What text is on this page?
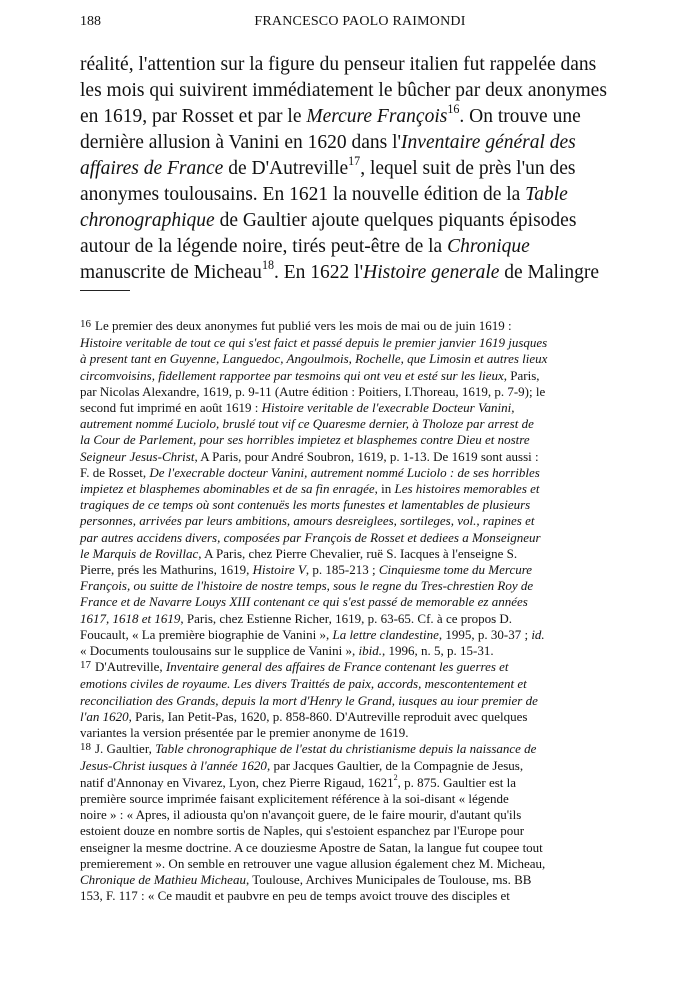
188	FRANCESCO PAOLO RAIMONDI
réalité, l'attention sur la figure du penseur italien fut rappelée dans
les mois qui suivirent immédiatement le bûcher par deux anonymes
en 1619, par Rosset et par le Mercure François$^{16}$. On trouve une
dernière allusion à Vanini en 1620 dans l'Inventaire général des
affaires de France de D'Autreville$^{17}$, lequel suit de près l'un des
anonymes toulousains. En 1621 la nouvelle édition de la Table
chronographique de Gaultier ajoute quelques piquants épisodes
autour de la légende noire, tirés peut-être de la Chronique
manuscrite de Micheau$^{18}$. En 1622 l'Histoire generale de Malingre
$^{16}$ Le premier des deux anonymes fut publié vers les mois de mai ou de juin 1619 :
Histoire veritable de tout ce qui s'est faict et passé depuis le premier janvier 1619 jusques
à present tant en Guyenne, Languedoc, Angoulmois, Rochelle, que Limosin et autres lieux
circomvoisins, fidellement rapportee par tesmoins qui ont veu et esté sur les lieux, Paris,
par Nicolas Alexandre, 1619, p. 9-11 (Autre édition : Poitiers, I.Thoreau, 1619, p. 7-9); le
second fut imprimé en août 1619 : Histoire veritable de l'execrable Docteur Vanini,
autrement nommé Luciolo, bruslé tout vif ce Quaresme dernier, à Tholoze par arrest de
la Cour de Parlement, pour ses horribles impietez et blasphemes contre Dieu et nostre
Seigneur Jesus-Christ, A Paris, pour André Soubron, 1619, p. 1-13. De 1619 sont aussi :
F. de Rosset, De l'execrable docteur Vanini, autrement nommé Luciolo : de ses horribles
impietez et blasphemes abominables et de sa fin enragée, in Les histoires memorables et
tragiques de ce temps où sont contenuës les morts funestes et lamentables de plusieurs
personnes, arrivées par leurs ambitions, amours desreiglees, sortileges, vol., rapines et
par autres accidens divers, composées par François de Rosset et dediees a Monseigneur
le Marquis de Rovillac, A Paris, chez Pierre Chevalier, ruë S. Iacques à l'enseigne S.
Pierre, prés les Mathurins, 1619, Histoire V, p. 185-213 ; Cinquiesme tome du Mercure
François, ou suitte de l'histoire de nostre temps, sous le regne du Tres-chrestien Roy de
France et de Navarre Louys XIII contenant ce qui s'est passé de memorable ez années
1617, 1618 et 1619, Paris, chez Estienne Richer, 1619, p. 63-65. Cf. à ce propos D.
Foucault, « La première biographie de Vanini », La lettre clandestine, 1995, p. 30-37 ; id.
« Documents toulousains sur le supplice de Vanini », ibid., 1996, n. 5, p. 15-31.
$^{17}$ D'Autreville, Inventaire general des affaires de France contenant les guerres et
emotions civiles de royaume. Les divers Traittés de paix, accords, mescontentement et
reconciliation des Grands, depuis la mort d'Henry le Grand, iusques au iour premier de
l'an 1620, Paris, Ian Petit-Pas, 1620, p. 858-860. D'Autreville reproduit avec quelques
variantes la version présentée par le premier anonyme de 1619.
$^{18}$ J. Gaultier, Table chronographique de l'estat du christianisme depuis la naissance de
Jesus-Christ iusques à l'année 1620, par Jacques Gaultier, de la Compagnie de Jesus,
natif d'Annonay en Vivarez, Lyon, chez Pierre Rigaud, 1621$^2$, p. 875. Gaultier est la
première source imprimée faisant explicitement référence à la soi-disant « légende
noire » : « Apres, il adiousta qu'on n'avançoit guere, de le faire mourir, d'autant qu'ils
estoient douze en nombre sortis de Naples, qui s'estoient espanchez par l'Europe pour
enseigner la mesme doctrine. A ce douziesme Apostre de Satan, la langue fut coupee tout
premierement ». On semble en retrouver une vague allusion également chez M. Micheau,
Chronique de Mathieu Micheau, Toulouse, Archives Municipales de Toulouse, ms. BB
153, F. 117 : « Ce maudit et paubvre en peu de temps avoict trouve des disciples et
